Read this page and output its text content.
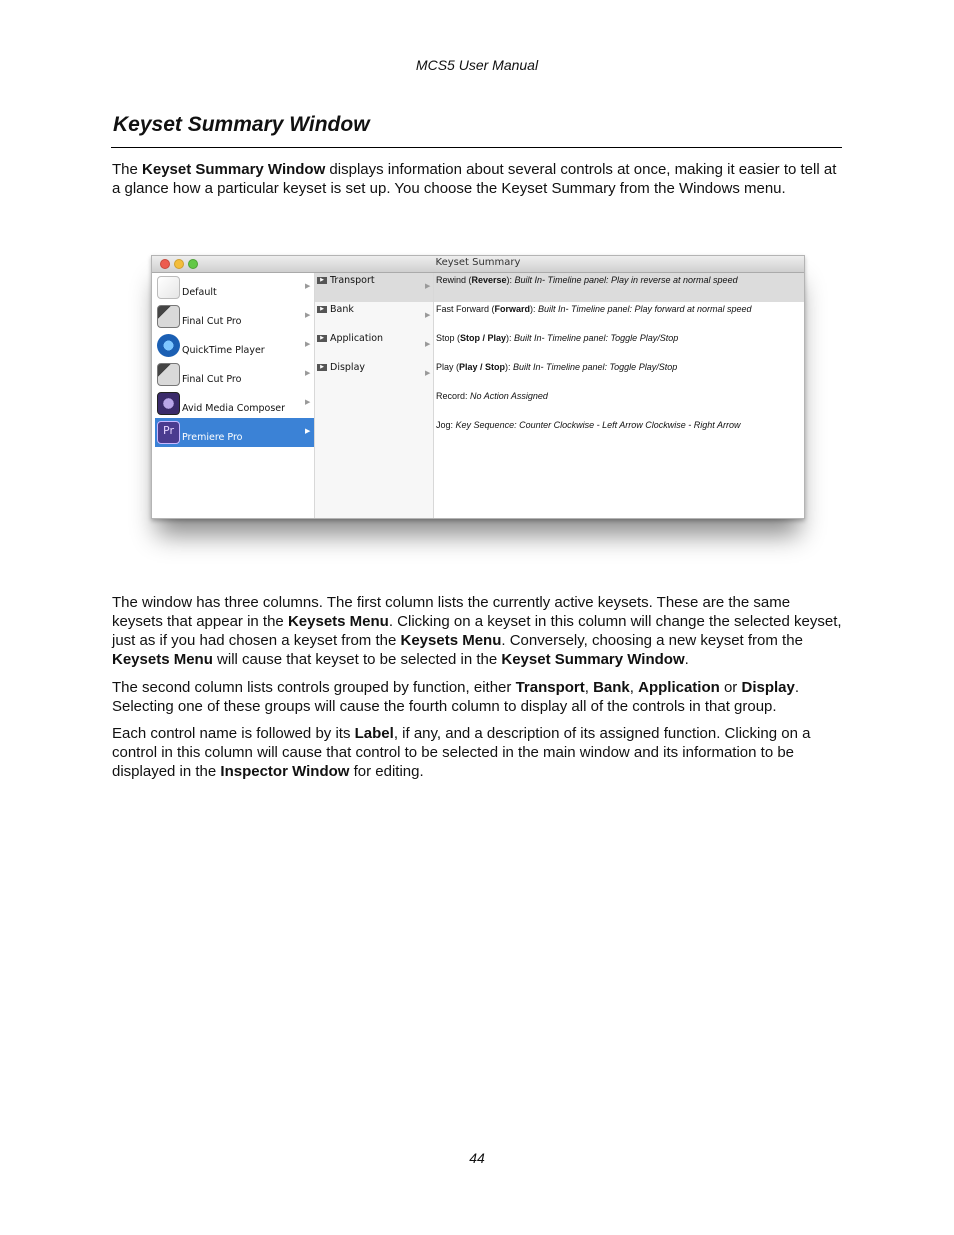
MCS5 User Manual
Keyset Summary Window

The Keyset Summary Window displays information about several controls at once, making it easier to tell at a glance how a particular keyset is set up. You choose the Keyset Summary from the Windows menu.

Keyset Summary
Default
▶
Final Cut Pro
▶
QuickTime Player
▶
Final Cut Pro
▶
Avid Media Composer
▶
Pr
Premiere Pro
▶
▶ Transport
▶
▶ Bank
▶
▶ Application
▶
▶ Display
▶
Rewind (Reverse): Built In- Timeline panel: Play in reverse at normal speed
Fast Forward (Forward): Built In- Timeline panel: Play forward at normal speed
Stop (Stop / Play): Built In- Timeline panel: Toggle Play/Stop
Play (Play / Stop): Built In- Timeline panel: Toggle Play/Stop
Record: No Action Assigned
Jog: Key Sequence: Counter Clockwise - Left Arrow Clockwise - Right Arrow

The window has three columns. The first column lists the currently active keysets. These are the same keysets that appear in the Keysets Menu. Clicking on a keyset in this column will change the selected keyset, just as if you had chosen a keyset from the Keysets Menu. Conversely, choosing a new keyset from the Keysets Menu will cause that keyset to be selected in the Keyset Summary Window.

The second column lists controls grouped by function, either Transport, Bank, Application or Display. Selecting one of these groups will cause the fourth column to display all of the controls in that group.

Each control name is followed by its Label, if any, and a description of its assigned function. Clicking on a control in this column will cause that control to be selected in the main window and its information to be displayed in the Inspector Window for editing.

44
